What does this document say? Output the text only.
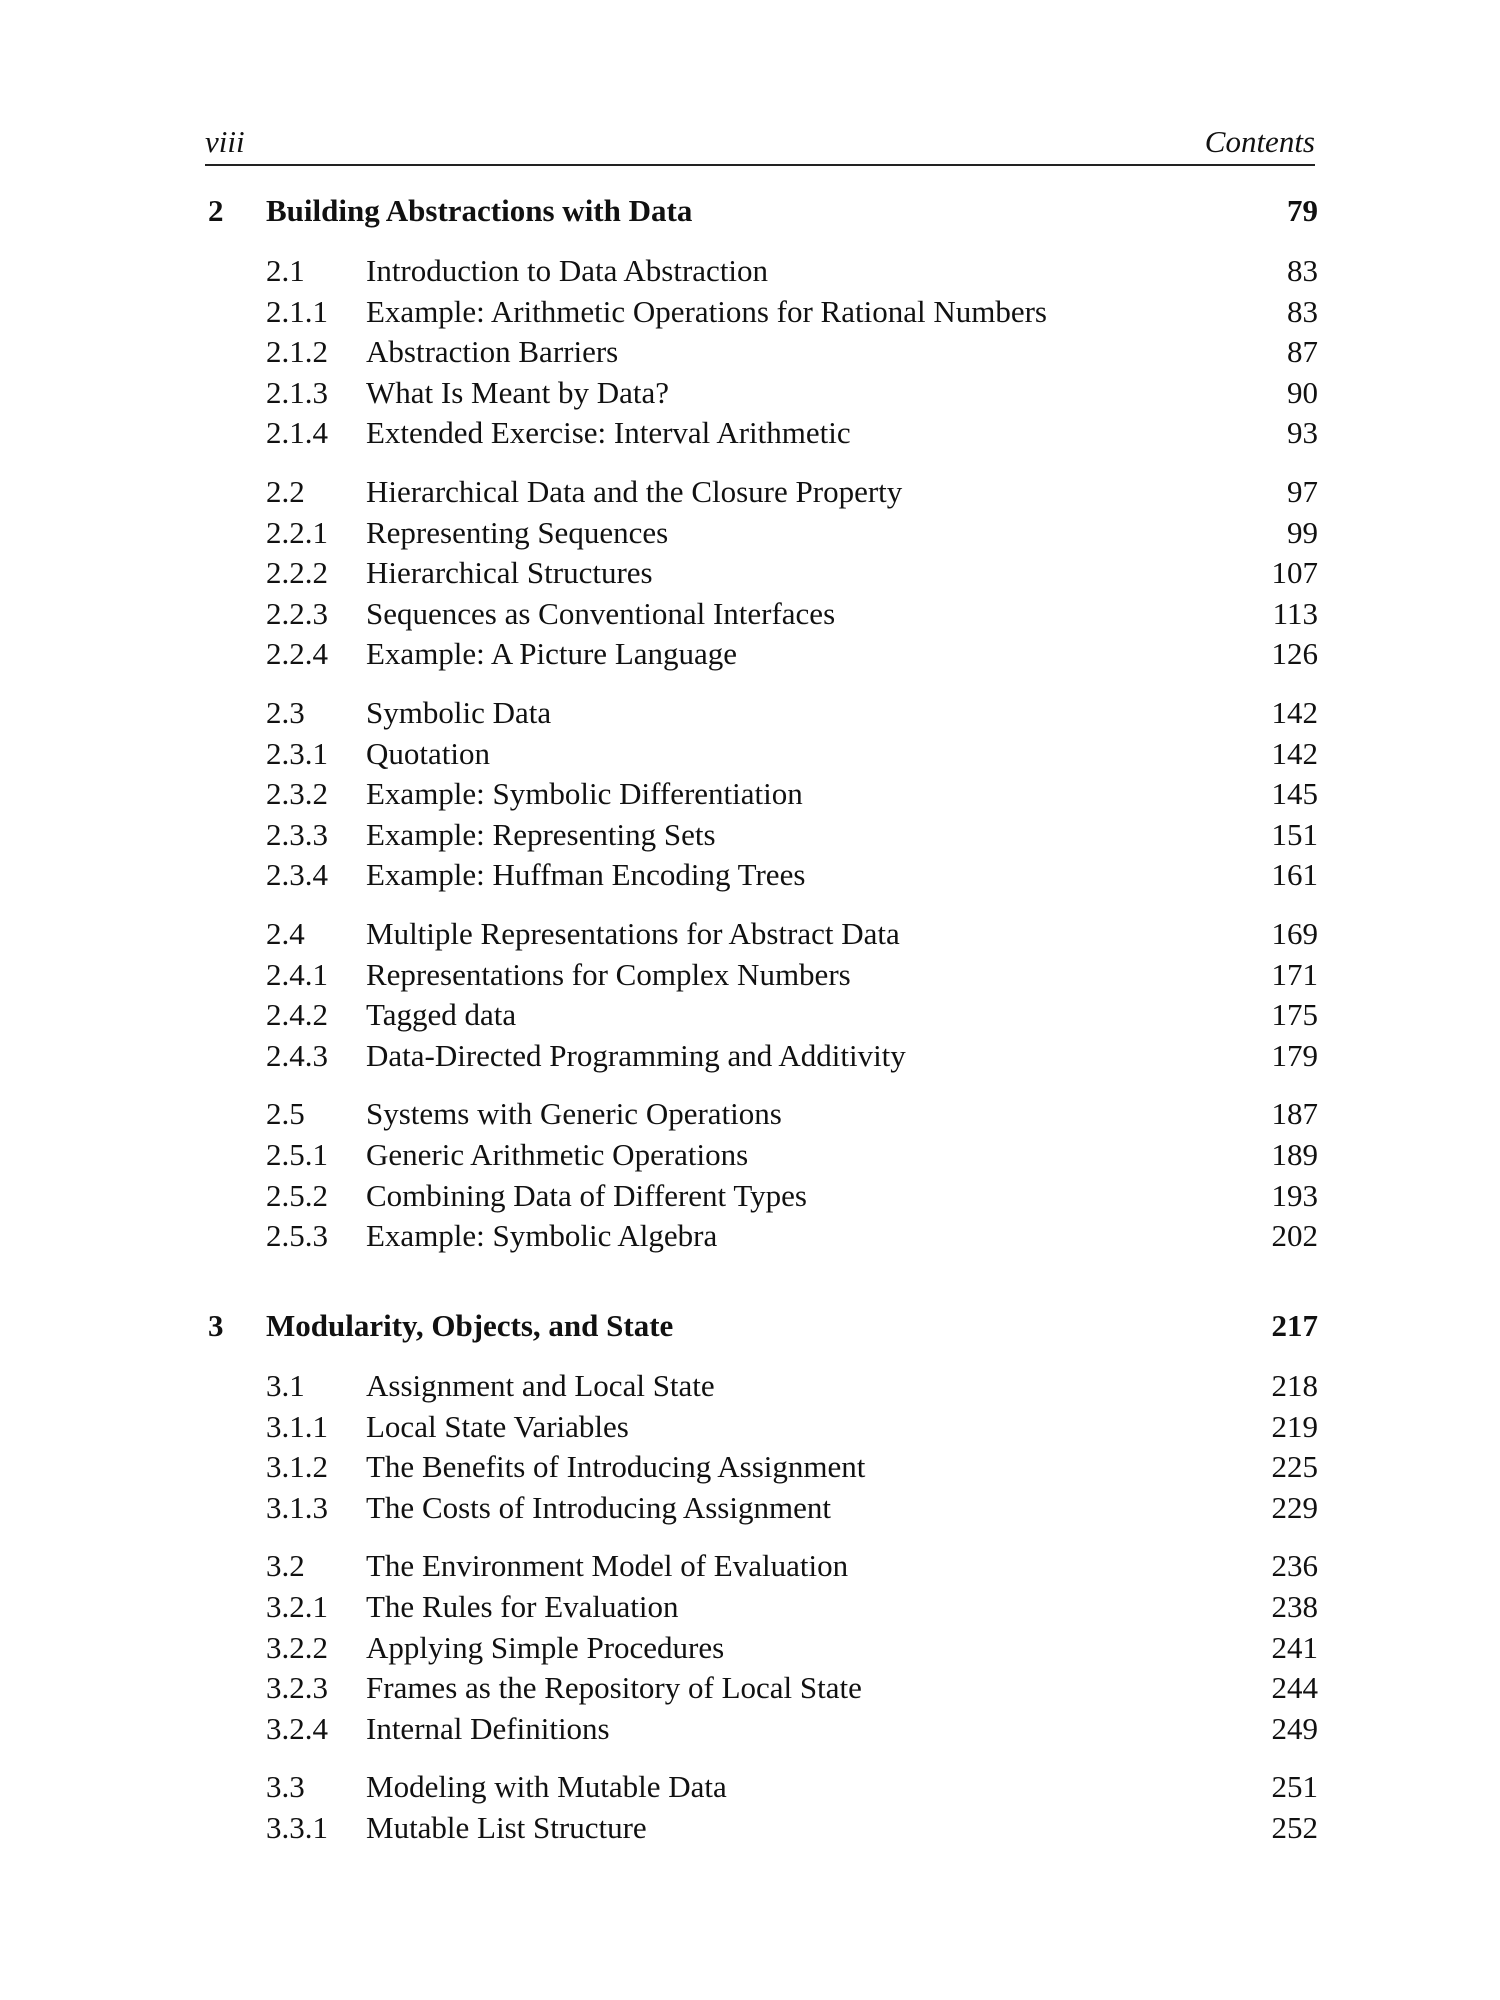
viii	Contents
2 Building Abstractions with Data	79
2.1 Introduction to Data Abstraction	83
2.1.1 Example: Arithmetic Operations for Rational Numbers	83
2.1.2 Abstraction Barriers	87
2.1.3 What Is Meant by Data?	90
2.1.4 Extended Exercise: Interval Arithmetic	93
2.2 Hierarchical Data and the Closure Property	97
2.2.1 Representing Sequences	99
2.2.2 Hierarchical Structures	107
2.2.3 Sequences as Conventional Interfaces	113
2.2.4 Example: A Picture Language	126
2.3 Symbolic Data	142
2.3.1 Quotation	142
2.3.2 Example: Symbolic Differentiation	145
2.3.3 Example: Representing Sets	151
2.3.4 Example: Huffman Encoding Trees	161
2.4 Multiple Representations for Abstract Data	169
2.4.1 Representations for Complex Numbers	171
2.4.2 Tagged data	175
2.4.3 Data-Directed Programming and Additivity	179
2.5 Systems with Generic Operations	187
2.5.1 Generic Arithmetic Operations	189
2.5.2 Combining Data of Different Types	193
2.5.3 Example: Symbolic Algebra	202
3 Modularity, Objects, and State	217
3.1 Assignment and Local State	218
3.1.1 Local State Variables	219
3.1.2 The Benefits of Introducing Assignment	225
3.1.3 The Costs of Introducing Assignment	229
3.2 The Environment Model of Evaluation	236
3.2.1 The Rules for Evaluation	238
3.2.2 Applying Simple Procedures	241
3.2.3 Frames as the Repository of Local State	244
3.2.4 Internal Definitions	249
3.3 Modeling with Mutable Data	251
3.3.1 Mutable List Structure	252
